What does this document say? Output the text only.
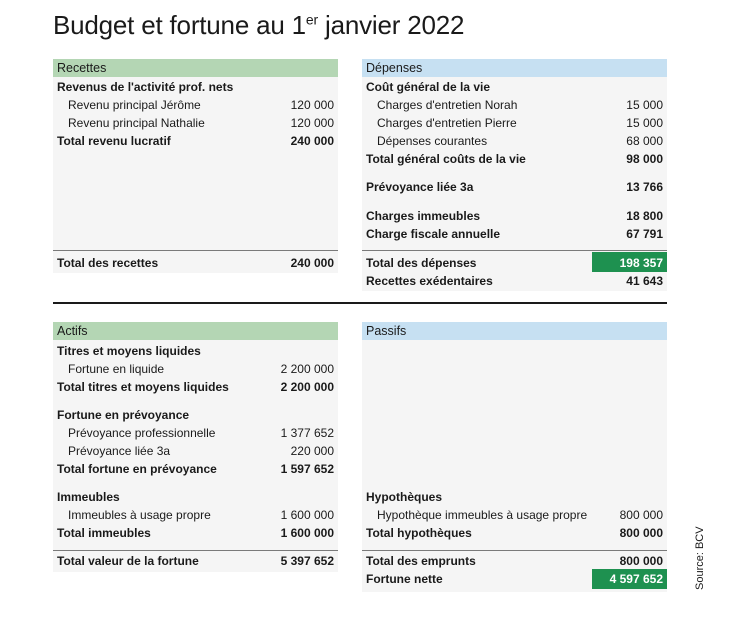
Budget et fortune au 1er janvier 2022
Recettes
Revenus de l'activité prof. nets
Revenu principal Jérôme	120 000
Revenu principal Nathalie	120 000
Total revenu lucratif	240 000
Total des recettes	240 000
Dépenses
Coût général de la vie
Charges d'entretien Norah	15 000
Charges d'entretien Pierre	15 000
Dépenses courantes	68 000
Total général coûts de la vie	98 000
Prévoyance liée 3a	13 766
Charges immeubles	18 800
Charge fiscale annuelle	67 791
Total des dépenses	198 357
Recettes exédentaires	41 643
Actifs
Titres et moyens liquides
Fortune en liquide	2 200 000
Total titres et moyens liquides	2 200 000
Fortune en prévoyance
Prévoyance professionnelle	1 377 652
Prévoyance liée 3a	220 000
Total fortune en prévoyance	1 597 652
Immeubles
Immeubles à usage propre	1 600 000
Total immeubles	1 600 000
Total valeur de la fortune	5 397 652
Passifs
Hypothèques
Hypothèque immeubles à usage propre	800 000
Total hypothèques	800 000
Total des emprunts	800 000
Fortune nette	4 597 652	Source: BCV
